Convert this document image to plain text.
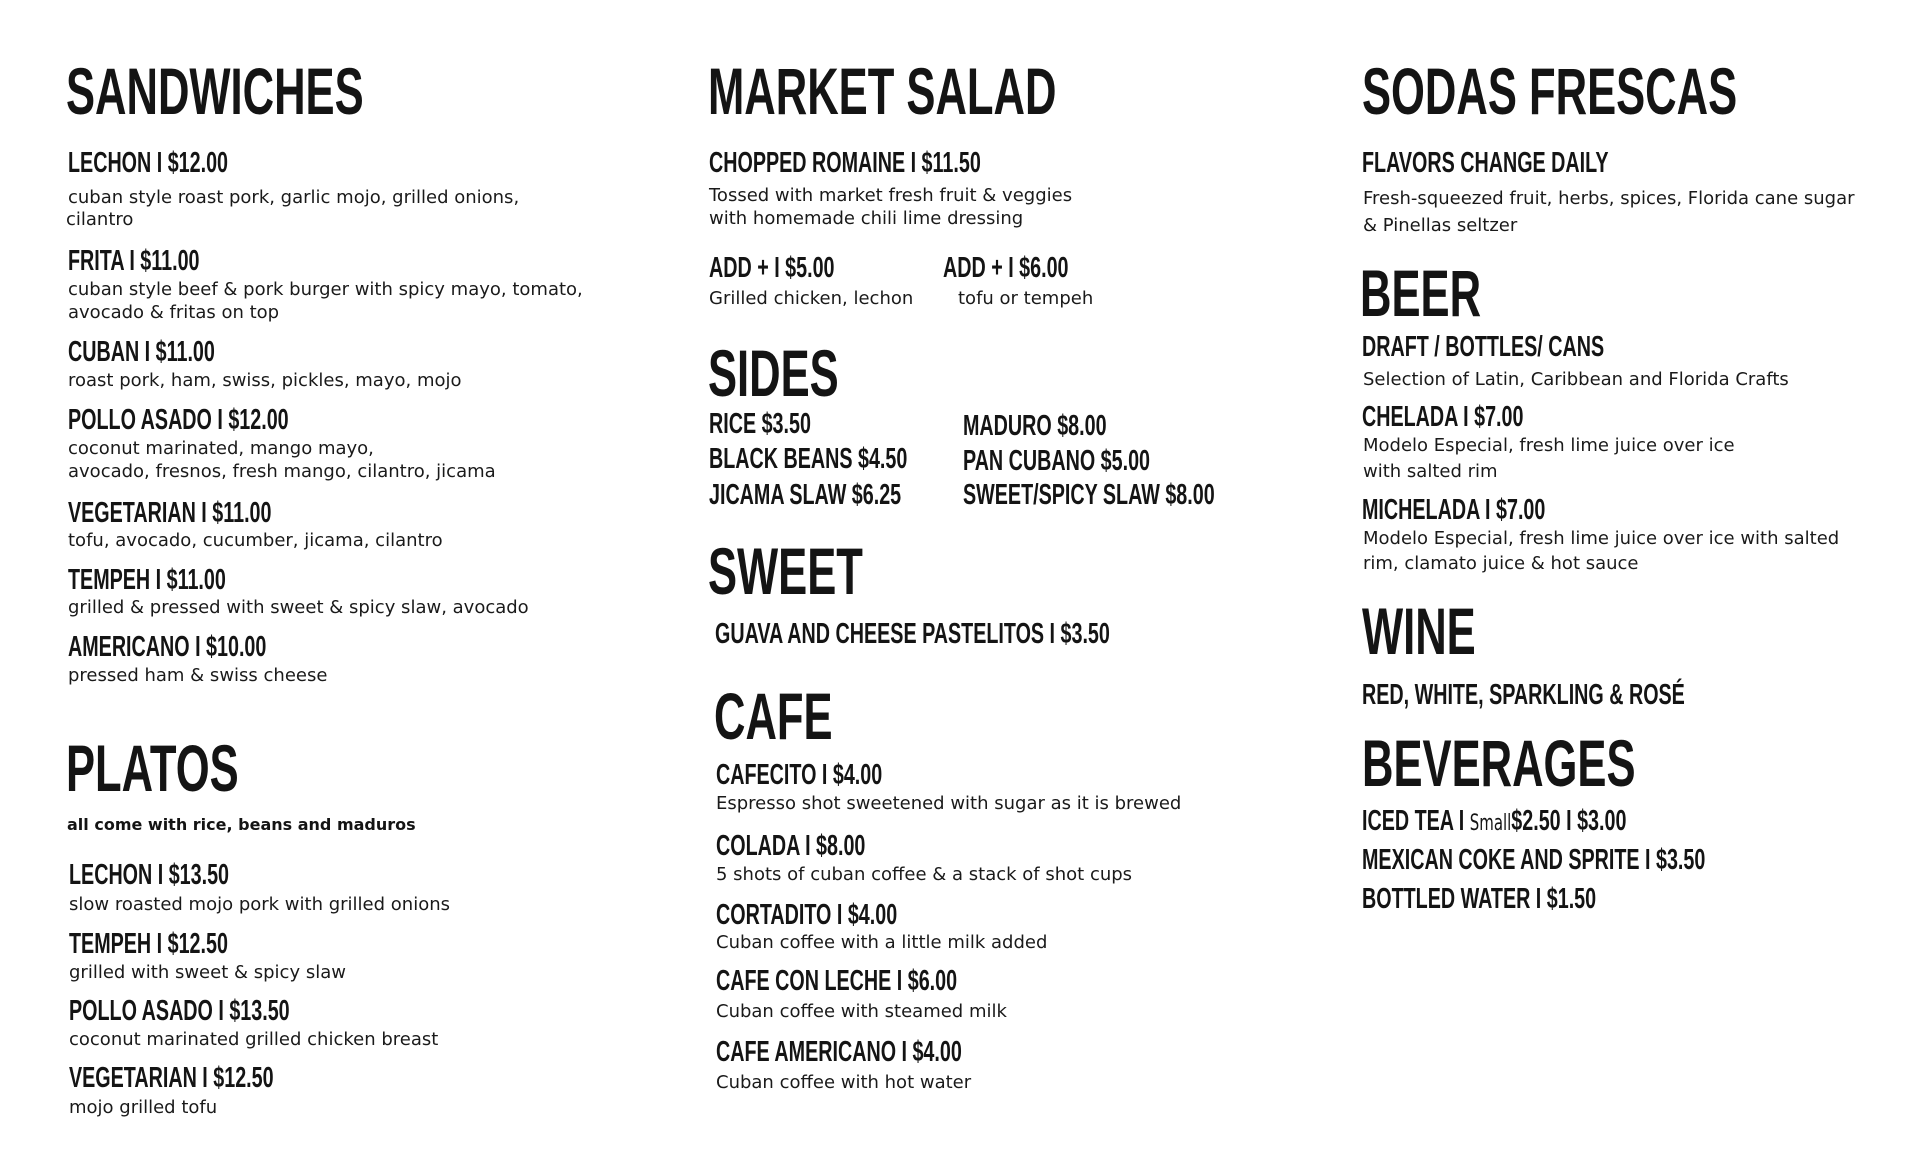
SANDWICHES
LECHON I $12.00
cuban style roast pork, garlic mojo, grilled onions,
cilantro
FRITA I $11.00
cuban style beef & pork burger with spicy mayo, tomato,
avocado & fritas on top
CUBAN I $11.00
roast pork, ham, swiss, pickles, mayo, mojo
POLLO ASADO I $12.00
coconut marinated, mango mayo,
avocado, fresnos, fresh mango, cilantro, jicama
VEGETARIAN I $11.00
tofu, avocado, cucumber, jicama, cilantro
TEMPEH I $11.00
grilled & pressed with sweet & spicy slaw, avocado
AMERICANO I $10.00
pressed ham & swiss cheese
PLATOS
all come with rice, beans and maduros
LECHON I $13.50
slow roasted mojo pork with grilled onions
TEMPEH I $12.50
grilled with sweet & spicy slaw
POLLO ASADO I $13.50
coconut marinated grilled chicken breast
VEGETARIAN I $12.50
mojo grilled tofu
MARKET SALAD
CHOPPED ROMAINE I $11.50
Tossed with market fresh fruit & veggies
with homemade chili lime dressing
ADD + I $5.00
Grilled chicken, lechon
ADD + I $6.00
tofu or tempeh
SIDES
RICE $3.50
BLACK BEANS $4.50
JICAMA SLAW $6.25
MADURO $8.00
PAN CUBANO $5.00
SWEET/SPICY SLAW $8.00
SWEET
GUAVA AND CHEESE PASTELITOS I $3.50
CAFE
CAFECITO I $4.00
Espresso shot sweetened with sugar as it is brewed
COLADA I $8.00
5 shots of cuban coffee & a stack of shot cups
CORTADITO I $4.00
Cuban coffee with a little milk added
CAFE CON LECHE I $6.00
Cuban coffee with steamed milk
CAFE AMERICANO I $4.00
Cuban coffee with hot water
SODAS FRESCAS
FLAVORS CHANGE DAILY
Fresh-squeezed fruit, herbs, spices, Florida cane sugar
& Pinellas seltzer
BEER
DRAFT / BOTTLES/ CANS
Selection of Latin, Caribbean and Florida Crafts
CHELADA I $7.00
Modelo Especial, fresh lime juice over ice
with salted rim
MICHELADA I $7.00
Modelo Especial, fresh lime juice over ice with salted
rim, clamato juice & hot sauce
WINE
RED, WHITE, SPARKLING & ROSÉ
BEVERAGES
ICED TEA I Small$2.50 I $3.00
MEXICAN COKE AND SPRITE I $3.50
BOTTLED WATER I $1.50
